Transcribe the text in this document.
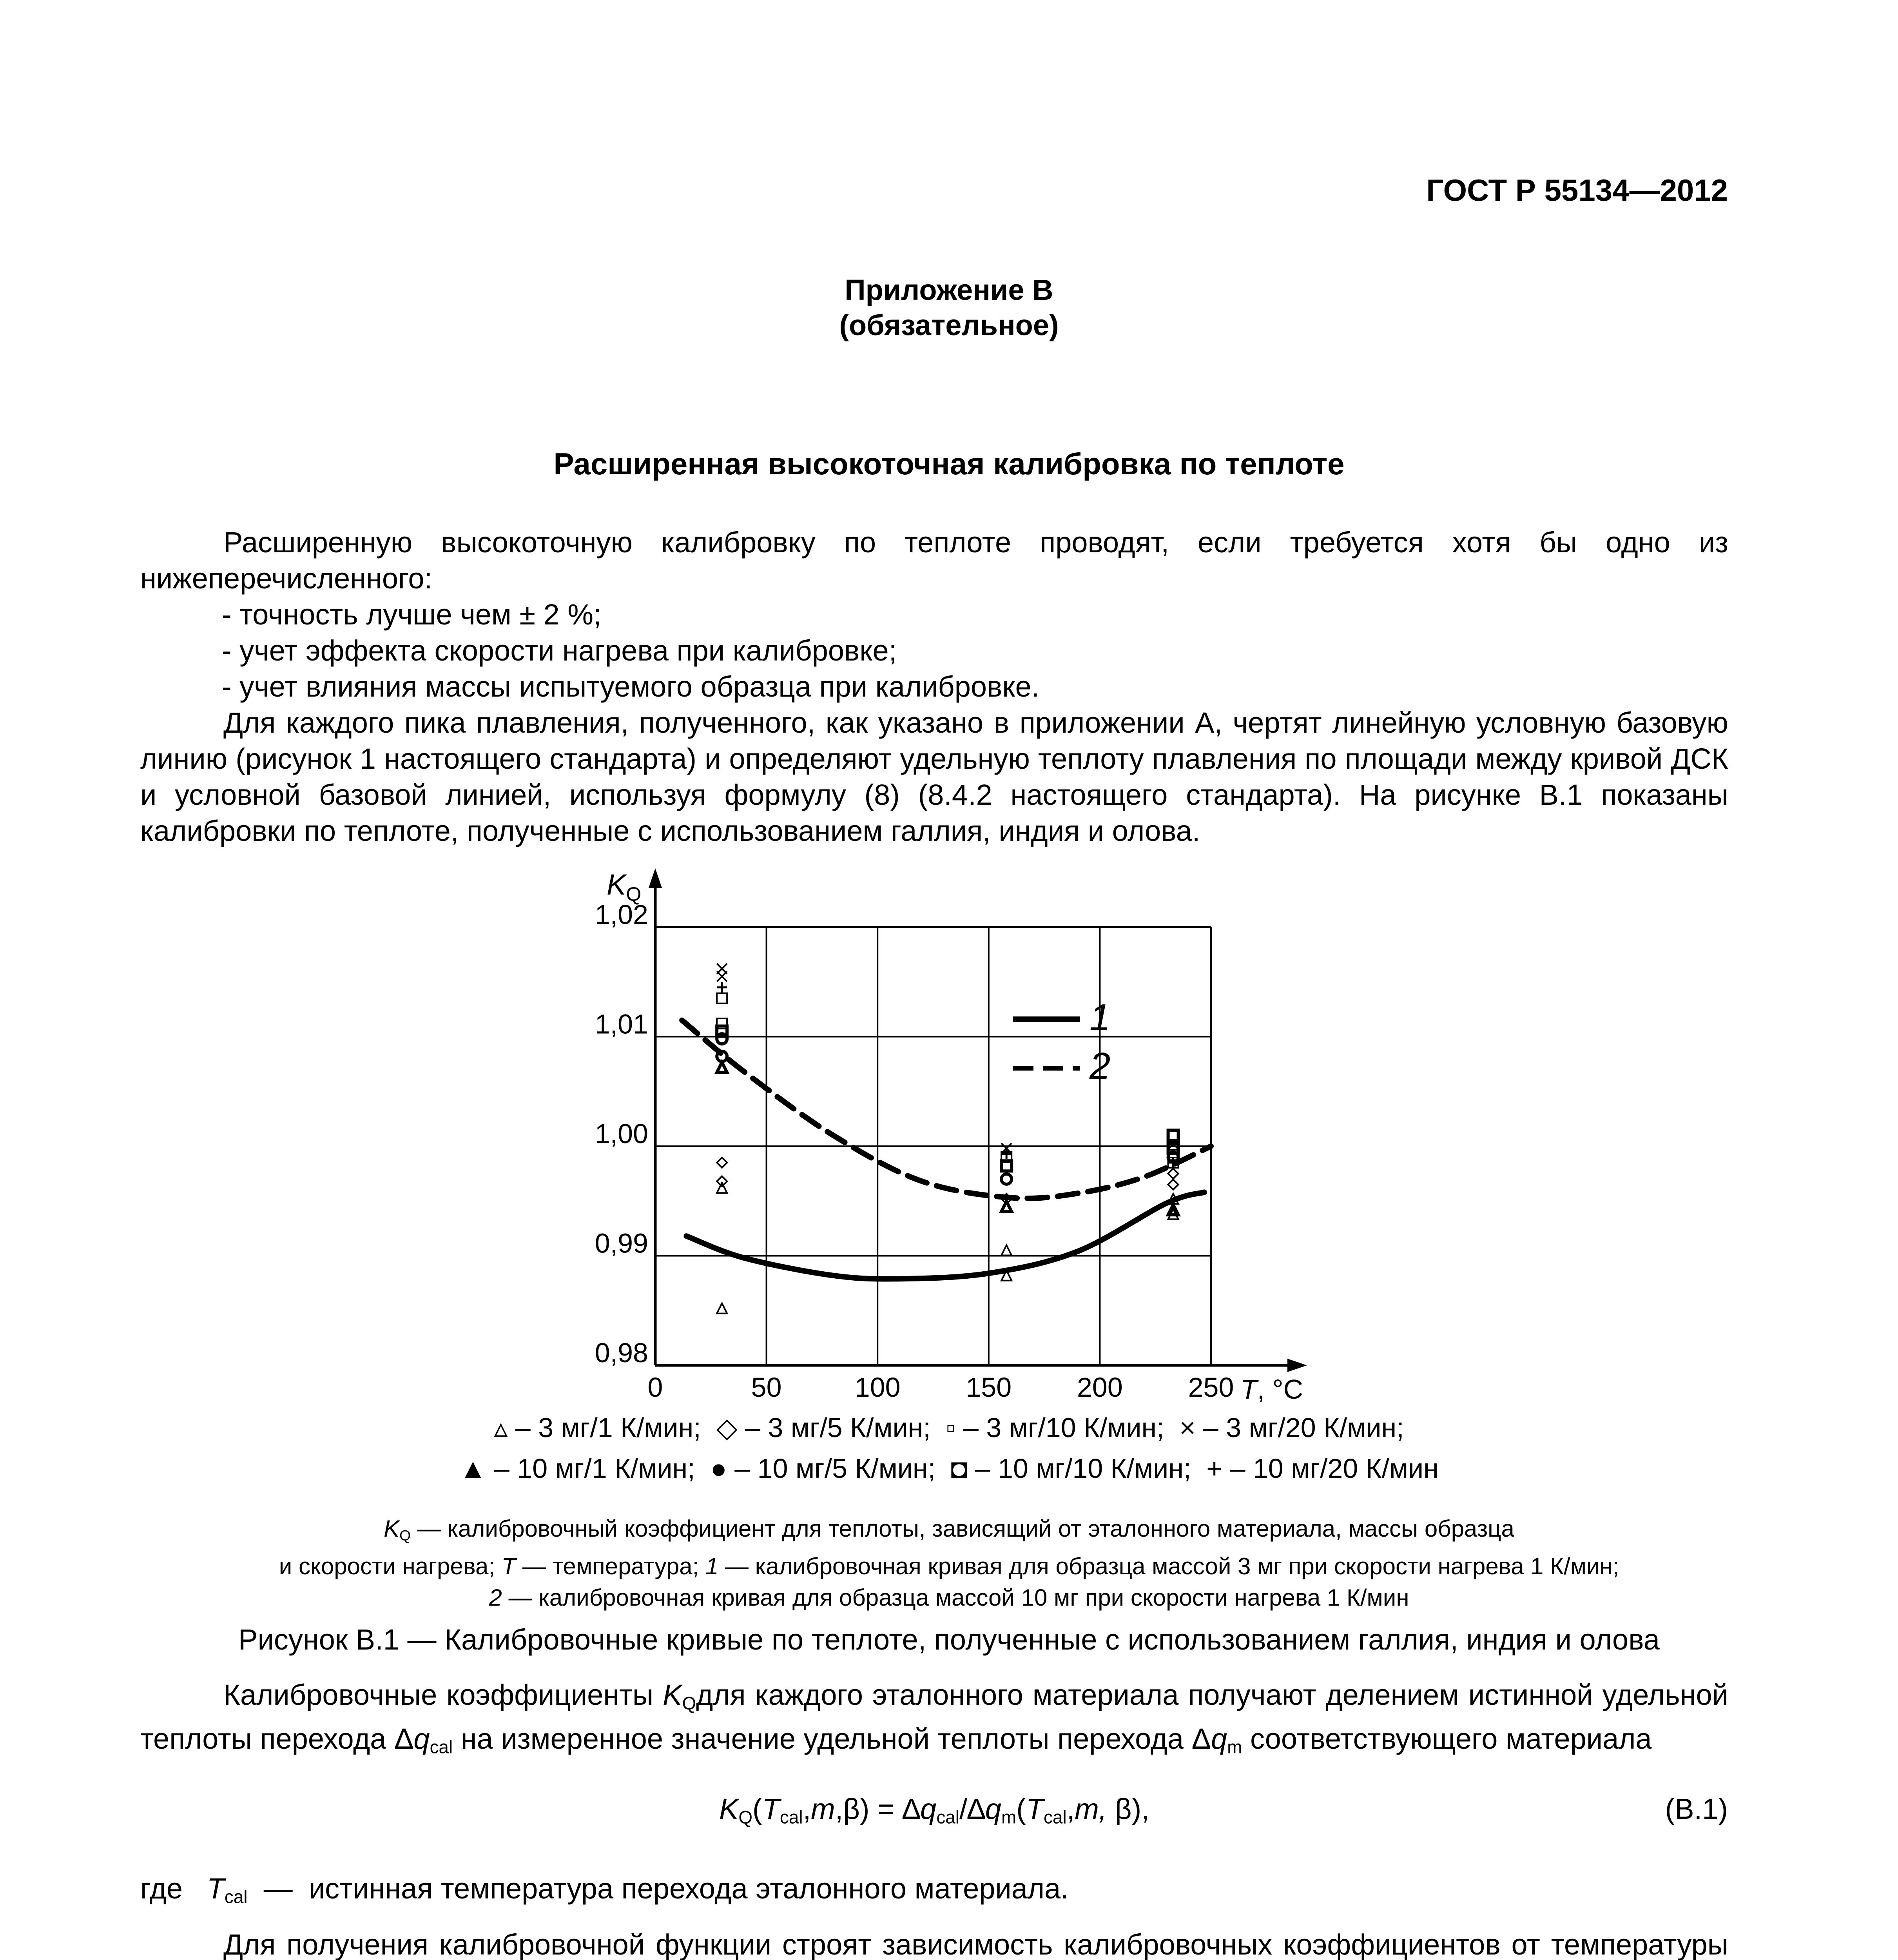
ГОСТ Р 55134—2012
Приложение В
(обязательное)
Расширенная высокоточная калибровка по теплоте

Расширенную высокоточную калибровку по теплоте проводят, если требуется хотя бы одно из нижеперечисленного:

- точность лучше чем ± 2 %;

- учет эффекта скорости нагрева при калибровке;

- учет влияния массы испытуемого образца при калибровке.

Для каждого пика плавления, полученного, как указано в приложении А, чертят линейную условную базовую линию (рисунок 1 настоящего стандарта) и определяют удельную теплоту плавления по площади между кривой ДСК и условной базовой линией, используя формулу (8) (8.4.2 настоящего стандарта). На рисунке В.1 показаны калибровки по теплоте, полученные с использованием галлия, индия и олова.

0	50	100 150 200 250
1,02
1,01
1,00
0,99
0,98
$K_Q$
T, °C
1
2
▵ – 3 мг/1 К/мин; ◇ – 3 мг/5 К/мин; ▫ – 3 мг/10 К/мин; × – 3 мг/20 К/мин;
▲ – 10 мг/1 К/мин; ● – 10 мг/5 К/мин; ◘ – 10 мг/10 К/мин; + – 10 мг/20 К/мин
$K_Q$ — калибровочный коэффициент для теплоты, зависящий от эталонного материала, массы образца
и скорости нагрева; T — температура; 1 — калибровочная кривая для образца массой 3 мг при скорости нагрева 1 К/мин;
2 — калибровочная кривая для образца массой 10 мг при скорости нагрева 1 К/мин
Рисунок В.1 — Калибровочные кривые по теплоте, полученные с использованием галлия, индия и олова

Калибровочные коэффициенты $K_Qдля$ каждого эталонного материала получают делением истинной удельной теплоты перехода $\Delta q_{cal}$ на измеренное значение удельной теплоты перехода $\Delta q_m$ соответствующего материала

$K_Q(T_{cal},m,\beta) = \Delta q_{cal}/\Delta q_m(T_{cal},m$, β),	(В.1)
где $T_{cal}$ — истинная температура перехода эталонного материала.

Для получения калибровочной функции строят зависимость калибровочных коэффициентов от температуры
